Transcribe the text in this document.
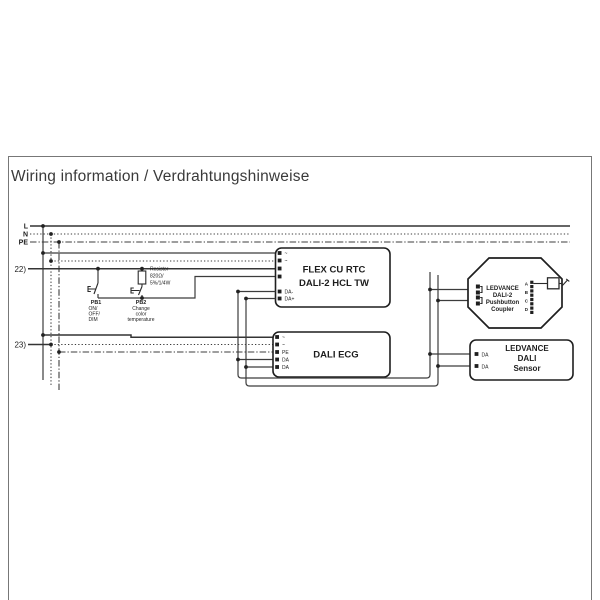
Wiring information / Verdrahtungshinweise
L
N
PE
22)	Resistor
820Ω/
5%/1/4W
PB1
ON/
OFF/
DIM
PB2
Change
color
temperature
~
~
DA-
DA+
FLEX CU RTC
DALI-2 HCL TW
23)
~
~
PE
DA
DA
DALI ECG
LEDVANCE
DALI-2
Pushbutton
Coupler
A
B
C
D
DA
DA
LEDVANCE
DALI
Sensor
